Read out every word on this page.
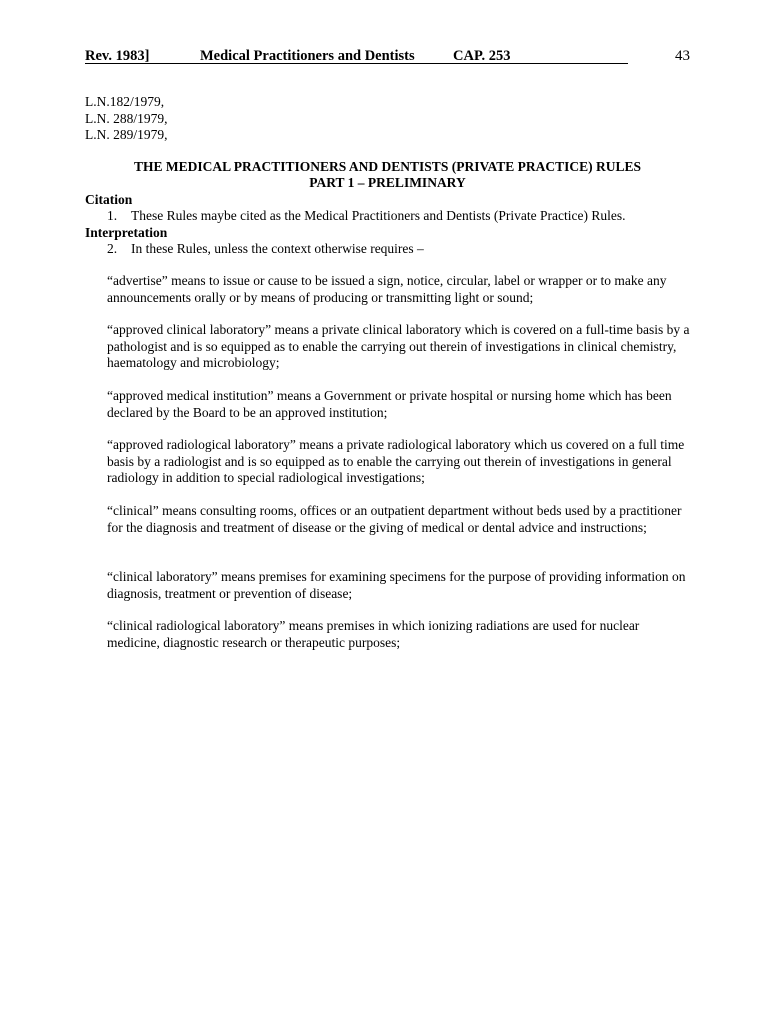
Rev. 1983]	Medical Practitioners and Dentists	CAP. 253	43
L.N.182/1979,
L.N. 288/1979,
L.N. 289/1979,
THE MEDICAL PRACTITIONERS AND DENTISTS (PRIVATE PRACTICE) RULES
PART 1 – PRELIMINARY
Citation
1. These Rules maybe cited as the Medical Practitioners and Dentists (Private Practice) Rules.
Interpretation
2. In these Rules, unless the context otherwise requires –
“advertise” means to issue or cause to be issued a sign, notice, circular, label or wrapper or to make any announcements orally or by means of producing or transmitting light or sound;
“approved clinical laboratory” means a private clinical laboratory which is covered on a full-time basis by a pathologist and is so equipped as to enable the carrying out therein of investigations in clinical chemistry, haematology and microbiology;
“approved medical institution” means a Government or private hospital or nursing home which has been declared by the Board to be an approved institution;
“approved radiological laboratory” means a private radiological laboratory which us covered on a full time basis by a radiologist and is so equipped as to enable the carrying out therein of investigations in general radiology in addition to special radiological investigations;
“clinical” means consulting rooms, offices or an outpatient department without beds used by a practitioner for the diagnosis and treatment of disease or the giving of medical or dental advice and instructions;
“clinical laboratory” means premises for examining specimens for the purpose of providing information on diagnosis, treatment or prevention of disease;
“clinical radiological laboratory” means premises in which ionizing radiations are used for nuclear medicine, diagnostic research or therapeutic purposes;
